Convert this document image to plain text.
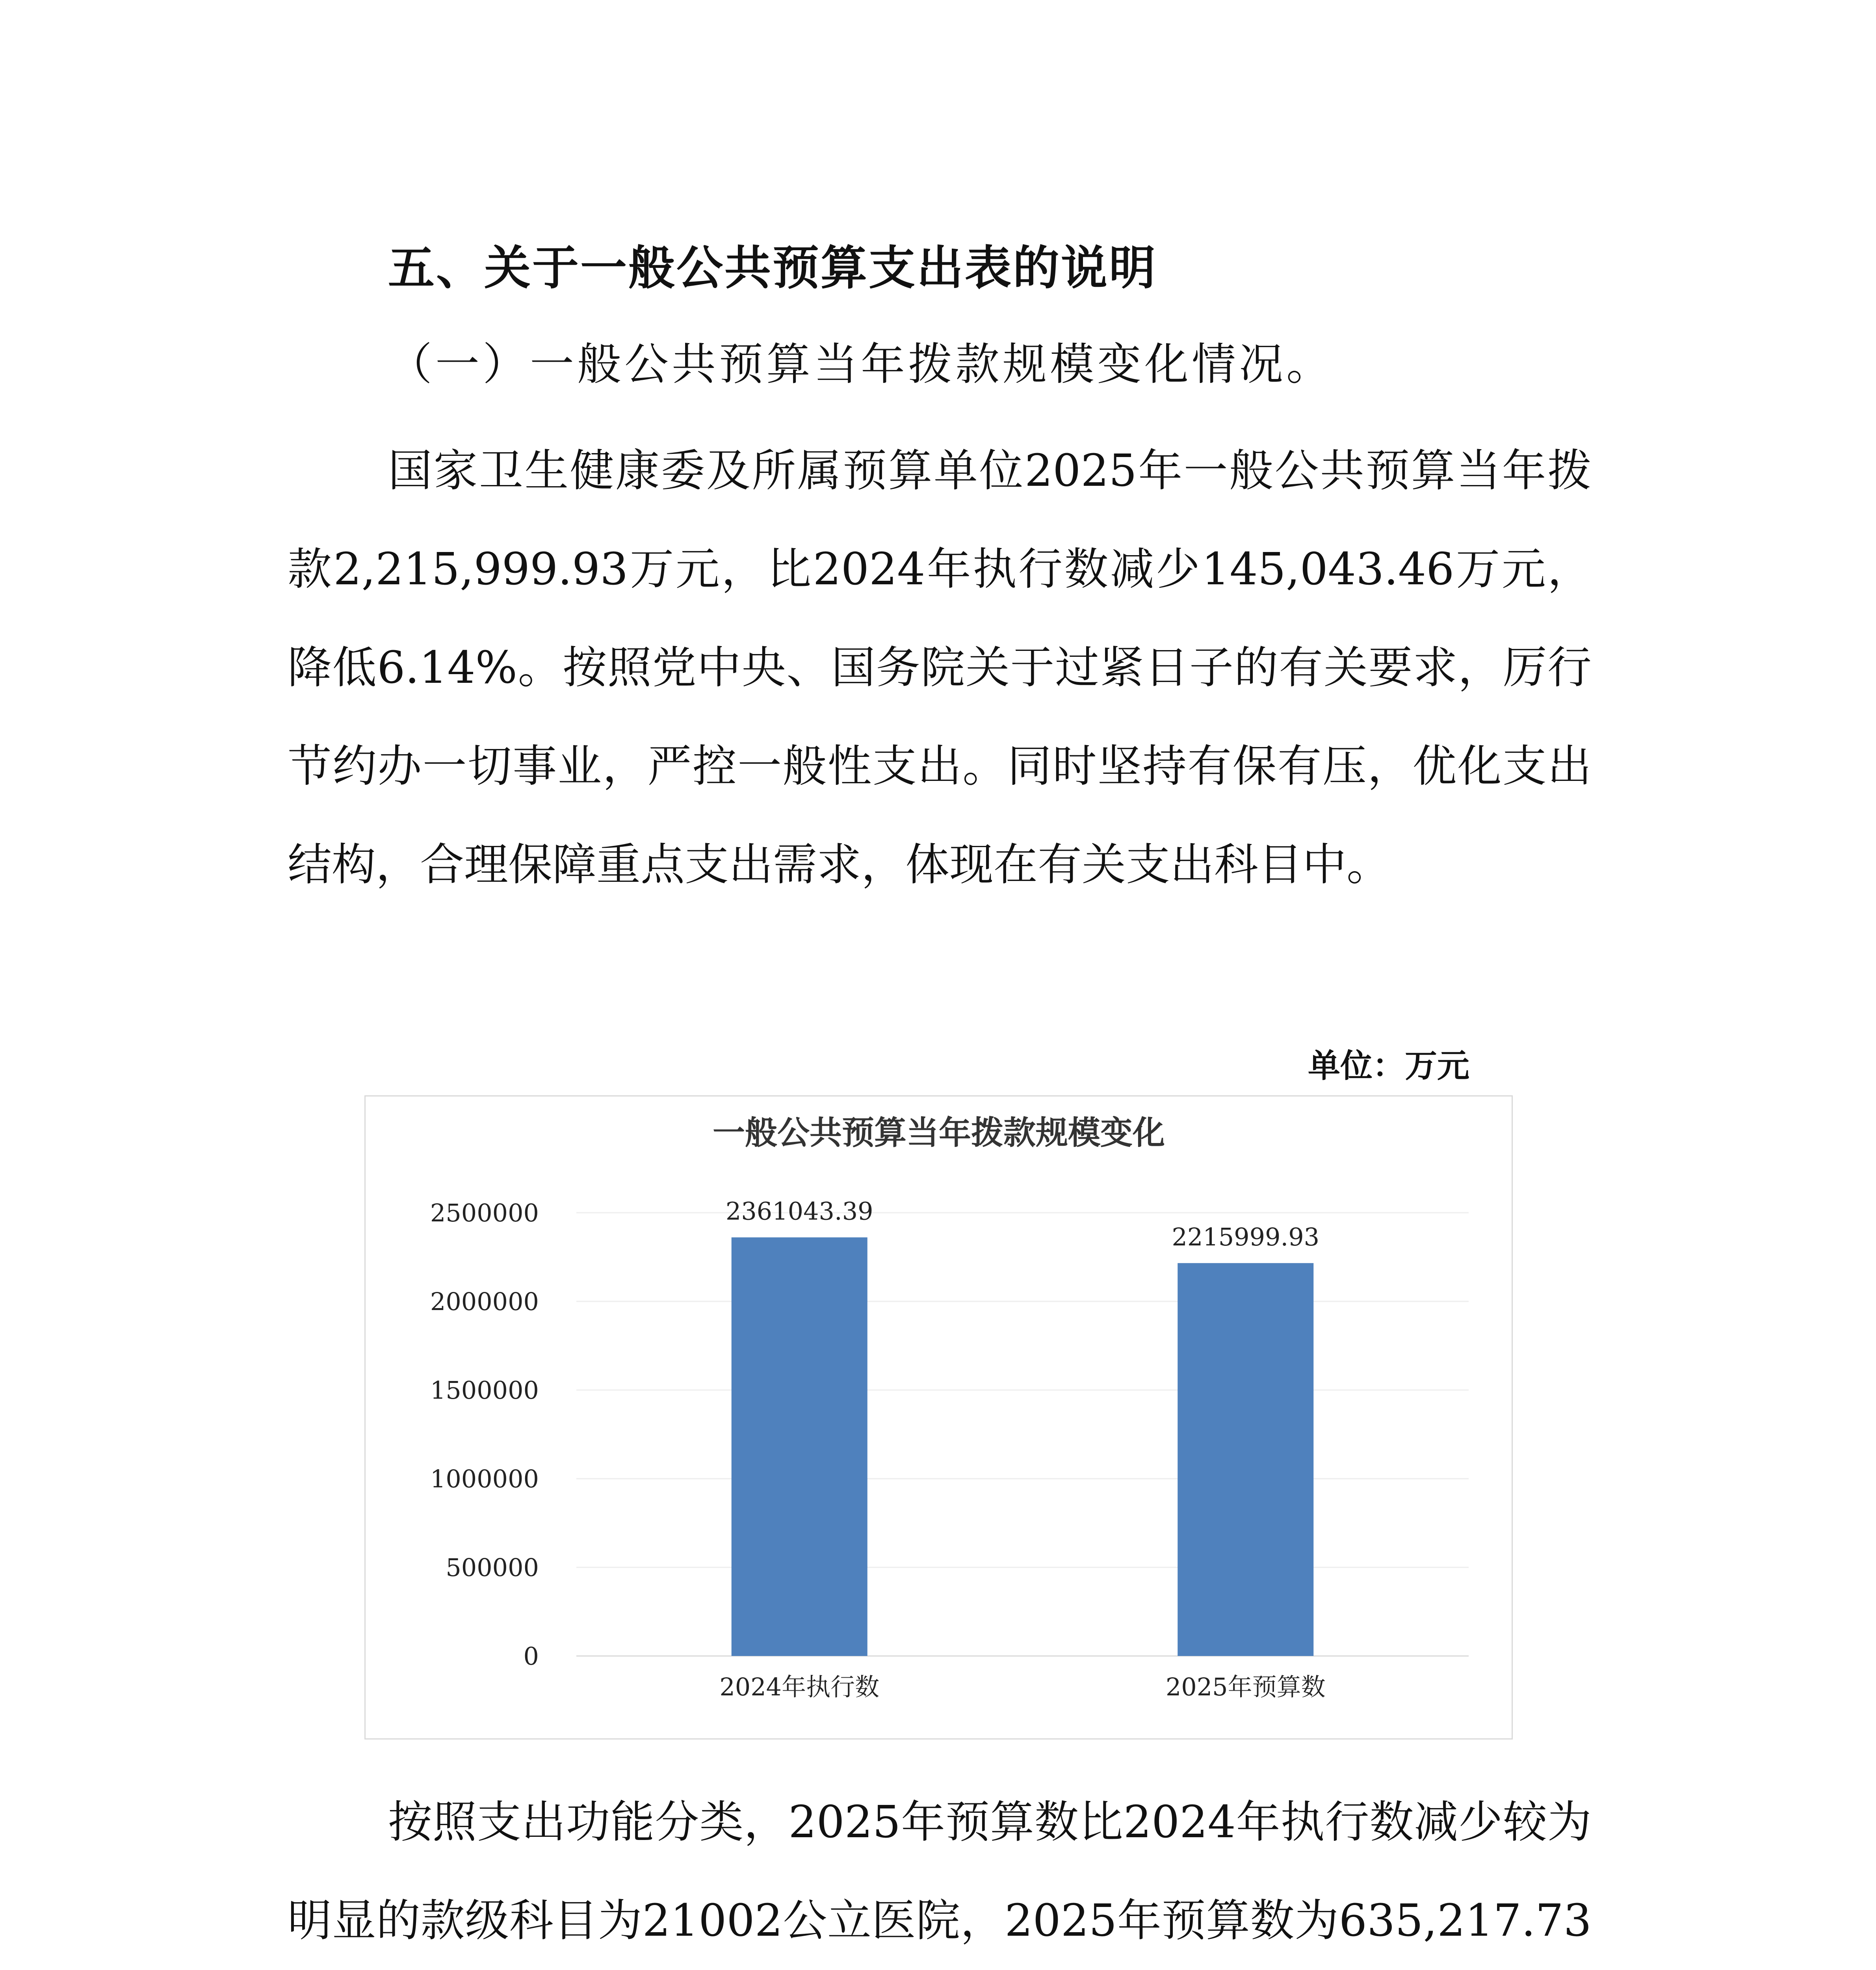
五、关于一般公共预算支出表的说明
（一）一般公共预算当年拨款规模变化情况。

国家卫生健康委及所属预算单位2025年一般公共预算当年拨款2,215,999.93万元，比2024年执行数减少145,043.46万元，降低6.14%。按照党中央、国务院关于过紧日子的有关要求，厉行节约办一切事业，严控一般性支出。同时坚持有保有压，优化支出结构，合理保障重点支出需求，体现在有关支出科目中。

单位：万元
一般公共预算当年拨款规模变化
0
500000
1000000
1500000
2000000
2500000	2361043.39
2024年执行数
2215999.93
2025年预算数

按照支出功能分类，2025年预算数比2024年执行数减少较为明显的款级科目为21002公立医院，2025年预算数为635,217.73
